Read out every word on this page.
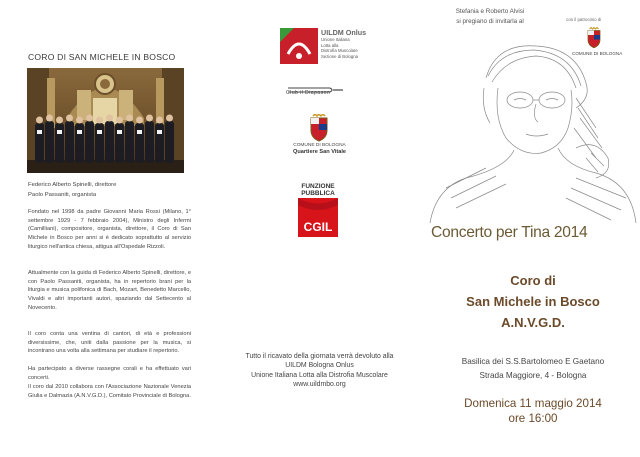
CORO DI SAN MICHELE IN BOSCO
Federico Alberto Spinelli, direttore
Paolo Passaniti, organista

Fondato nel 1998 da padre Giovanni Maria Rossi (Milano, 1° settembre 1929 - 7 febbraio 2004), Ministro degli Infermi (Camilliani), compositore, organista, direttore, il Coro di San Michele in Bosco per anni si è dedicato soprattutto al servizio liturgico nell'antica chiesa, attigua all'Ospedale Rizzoli.

Attualmente con la guida di Federico Alberto Spinelli, direttore, e con Paolo Passaniti, organista, ha in repertorio brani per la liturgia e musica polifonica di Bach, Mozart, Benedetto Marcello, Vivaldi e altri importanti autori, spaziando dal Settecento al Novecento.

Il coro conta una ventina di cantori, di età e professioni diversissime, che, uniti dalla passione per la musica, si incontrano una volta alla settimana per studiare il repertorio.

Ha partecipato a diverse rassegne corali e ha effettuato vari concerti.

Il coro dal 2010 collabora con l'Associazione Nazionale Venezia Giulia e Dalmazia (A.N.V.G.D.), Comitato Provinciale di Bologna.

UILDM Onlus
Unione Italiana
Lotta alla
Distrofia Muscolare
Sezione di Bologna
Club il Diapason
COMUNE DI BOLOGNA
Quartiere San Vitale
FUNZIONE
PUBBLICA
CGIL
Tutto il ricavato della giornata verrà devoluto alla
UILDM Bologna Onlus
Unione Italiana Lotta alla Distrofia Muscolare
www.uildmbo.org
Stefania e Roberto Alvisi
si pregiano di invitarla al	con il patrocinio di
COMUNE DI BOLOGNA
Concerto per Tina 2014
Coro di
San Michele in Bosco
A.N.V.G.D.
Basilica dei S.S.Bartolomeo E Gaetano
Strada Maggiore, 4 - Bologna
Domenica 11 maggio 2014
ore 16:00
